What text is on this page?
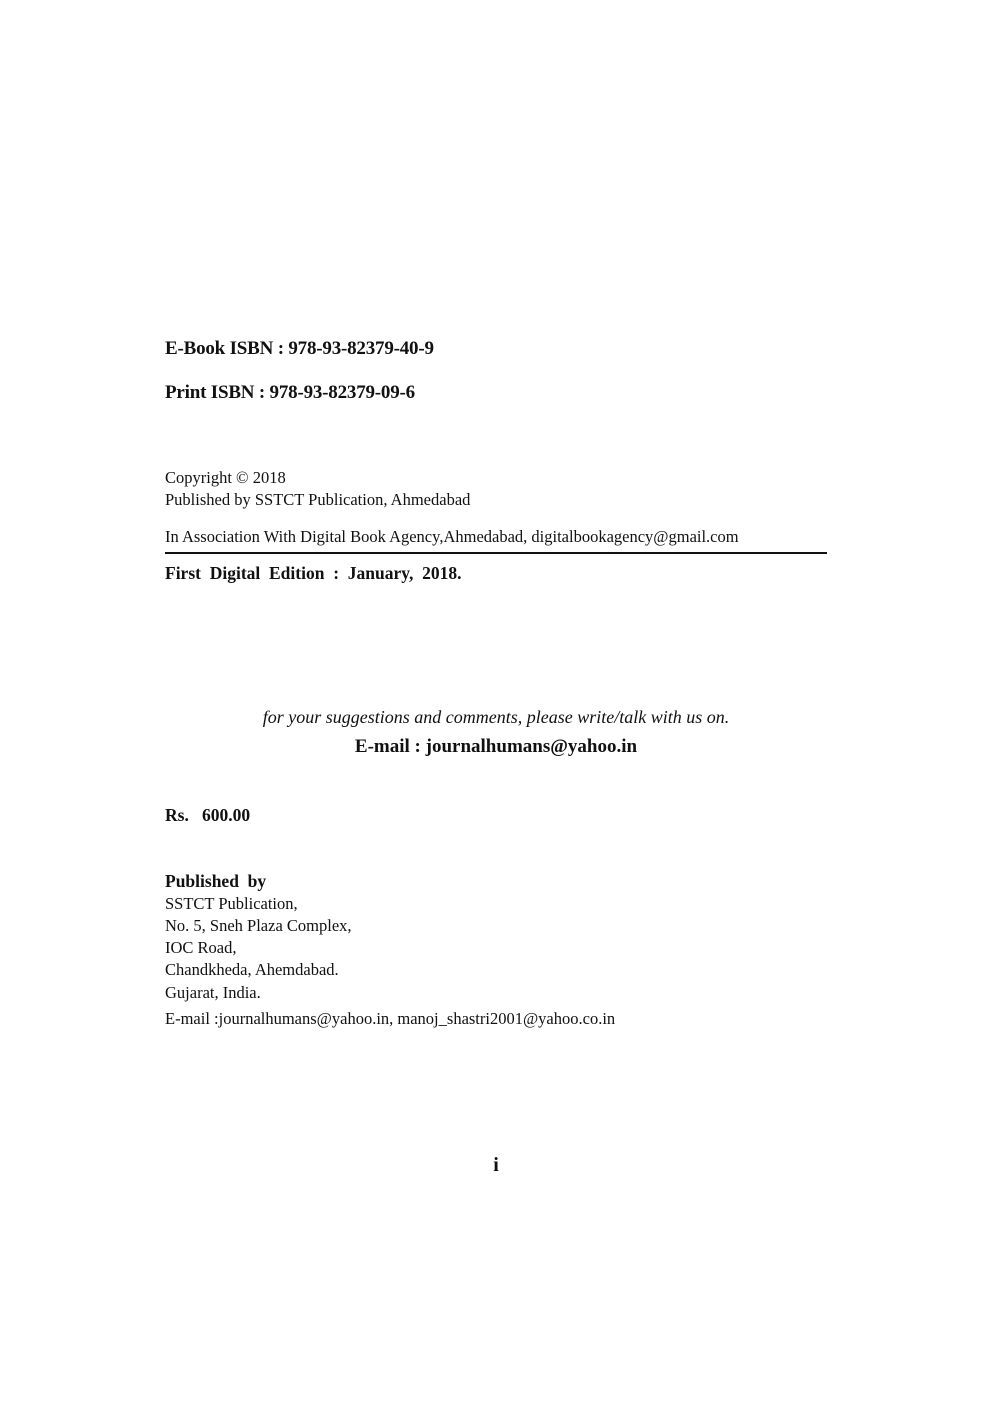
E-Book ISBN : 978-93-82379-40-9
Print ISBN : 978-93-82379-09-6
Copyright © 2018
Published by SSTCT Publication, Ahmedabad
In Association With Digital Book Agency,Ahmedabad, digitalbookagency@gmail.com
First  Digital  Edition  :  January,  2018.
for your suggestions and comments, please write/talk with us on.
E-mail : journalhumans@yahoo.in
Rs.   600.00
Published  by
SSTCT Publication,
No. 5, Sneh Plaza Complex,
IOC Road,
Chandkheda, Ahemdabad.
Gujarat, India.
E-mail :journalhumans@yahoo.in, manoj_shastri2001@yahoo.co.in
i
